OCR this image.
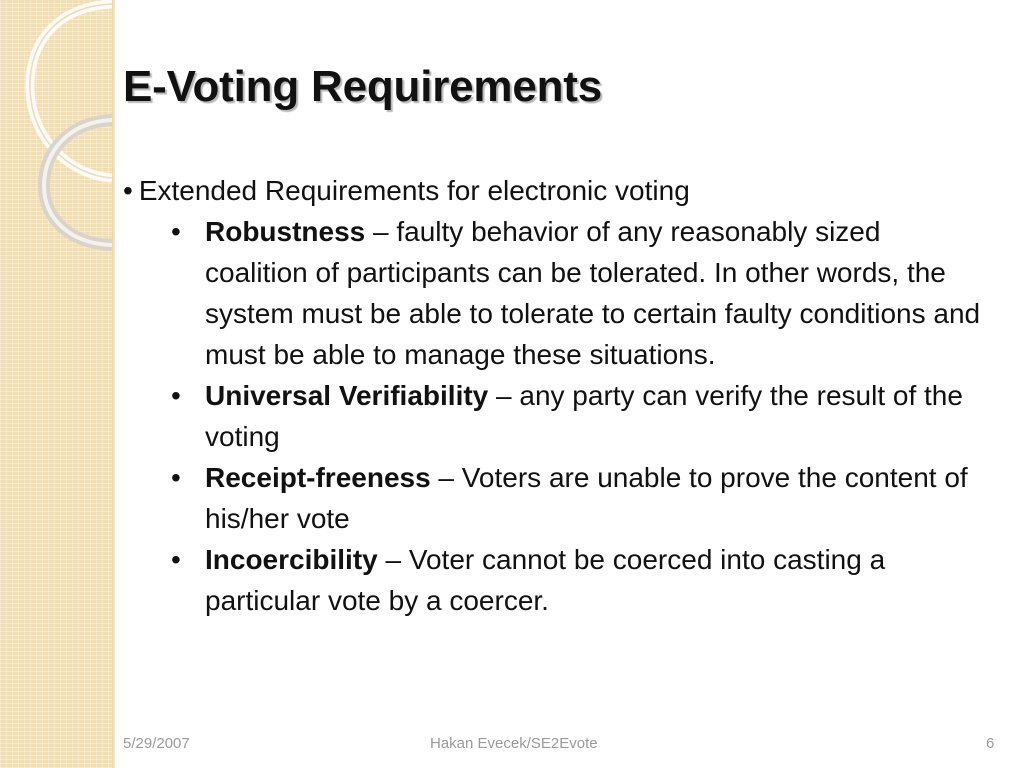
E-Voting Requirements

• Extended Requirements for electronic voting

• Robustness – faulty behavior of any reasonably sized coalition of participants can be tolerated. In other words, the system must be able to tolerate to certain faulty conditions and must be able to manage these situations.
• Universal Verifiability – any party can verify the result of the voting
• Receipt-freeness – Voters are unable to prove the content of his/her vote
• Incoercibility – Voter cannot be coerced into casting a particular vote by a coercer.
5/29/2007	Hakan Evecek/SE2Evote	6
